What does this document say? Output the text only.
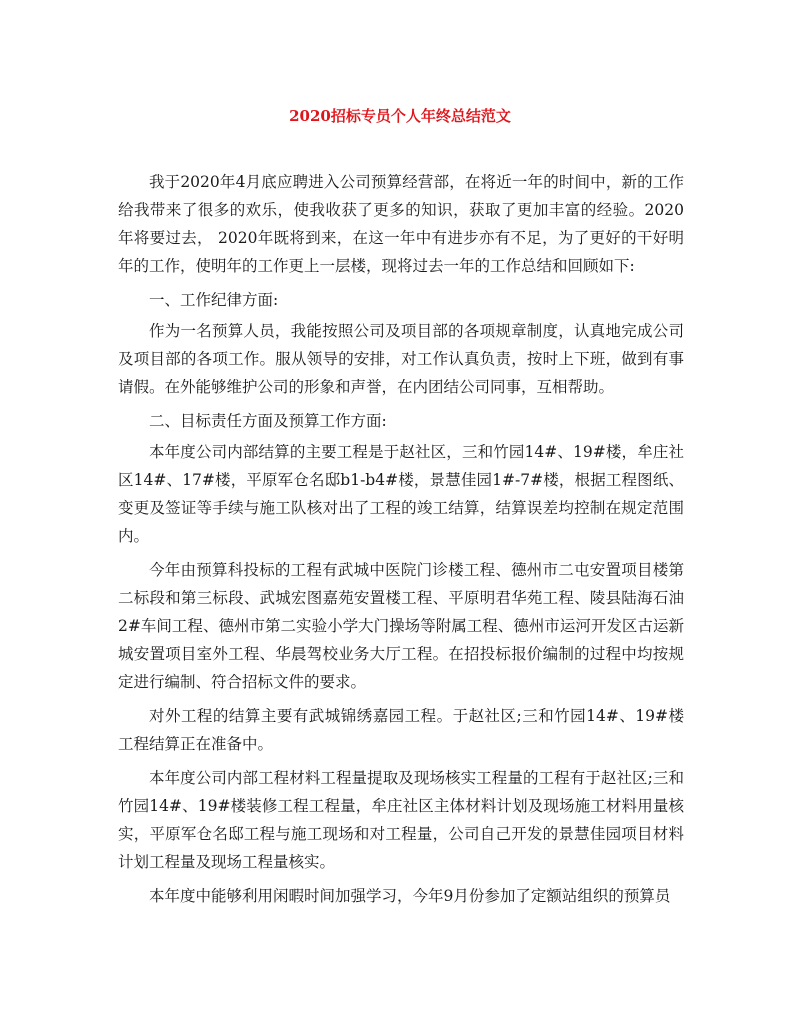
2020招标专员个人年终总结范文

我于2020年4月底应聘进入公司预算经营部，在将近一年的时间中，新的工作给我带来了很多的欢乐，使我收获了更多的知识，获取了更加丰富的经验。2020年将要过去， 2020年既将到来，在这一年中有进步亦有不足，为了更好的干好明年的工作，使明年的工作更上一层楼，现将过去一年的工作总结和回顾如下:

一、工作纪律方面:

作为一名预算人员，我能按照公司及项目部的各项规章制度，认真地完成公司及项目部的各项工作。服从领导的安排，对工作认真负责，按时上下班，做到有事请假。在外能够维护公司的形象和声誉，在内团结公司同事，互相帮助。

二、目标责任方面及预算工作方面:

本年度公司内部结算的主要工程是于赵社区，三和竹园14#、19#楼，牟庄社区14#、17#楼，平原军仓名邸b1-b4#楼，景慧佳园1#-7#楼，根据工程图纸、变更及签证等手续与施工队核对出了工程的竣工结算，结算误差均控制在规定范围内。

今年由预算科投标的工程有武城中医院门诊楼工程、德州市二屯安置项目楼第二标段和第三标段、武城宏图嘉苑安置楼工程、平原明君华苑工程、陵县陆海石油2#车间工程、德州市第二实验小学大门操场等附属工程、德州市运河开发区古运新城安置项目室外工程、华晨驾校业务大厅工程。在招投标报价编制的过程中均按规定进行编制、符合招标文件的要求。

对外工程的结算主要有武城锦绣嘉园工程。于赵社区;三和竹园14#、19#楼工程结算正在准备中。

本年度公司内部工程材料工程量提取及现场核实工程量的工程有于赵社区;三和竹园14#、19#楼装修工程工程量，牟庄社区主体材料计划及现场施工材料用量核实，平原军仓名邸工程与施工现场和对工程量，公司自己开发的景慧佳园项目材料计划工程量及现场工程量核实。

本年度中能够利用闲暇时间加强学习，今年9月份参加了定额站组织的预算员
